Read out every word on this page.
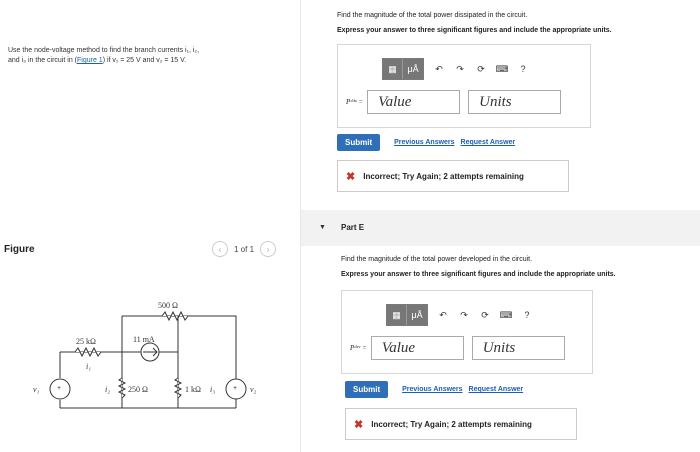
Use the node-voltage method to find the branch currents i₁, i₂,
and i₃ in the circuit in (Figure 1) if v₁ = 25 V and v₂ = 15 V.
Figure	‹	1 of 1	›
+	+
500 Ω
25 kΩ	11 mA
250 Ω	1 kΩ
i₁
i₂	i₃
v₁	v₂
Find the magnitude of the total power dissipated in the circuit.
Express your answer to three significant figures and include the appropriate units.
▦	μÅ	↶ ↷ ⟳ ⌨	?
Pᵈⁱˢˢ =	Value	Units
Submit	Previous Answers Request Answer
✖ Incorrect; Try Again; 2 attempts remaining
▼ Part E
Find the magnitude of the total power developed in the circuit.
Express your answer to three significant figures and include the appropriate units.
▦	μÅ	↶ ↷ ⟳ ⌨	?
Pᵈᵉᵛ =	Value	Units
Submit	Previous Answers Request Answer
✖ Incorrect; Try Again; 2 attempts remaining
